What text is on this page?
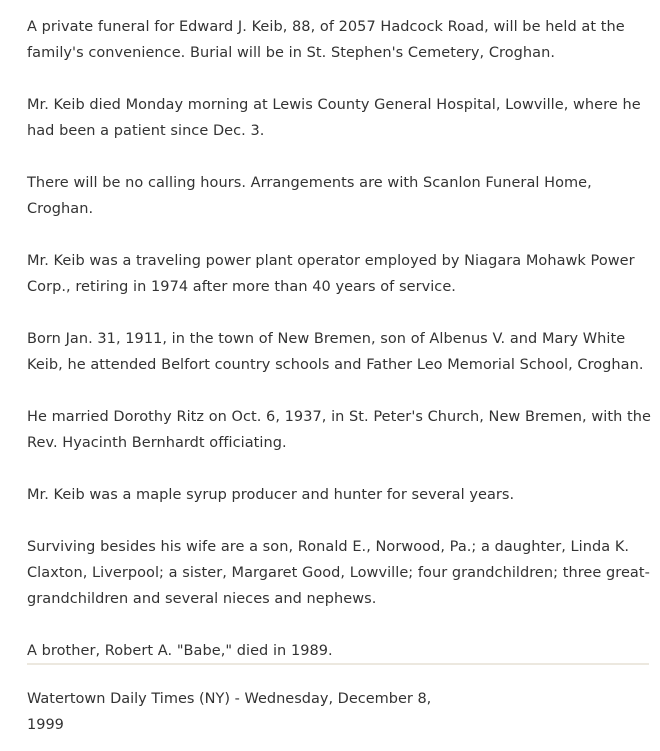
A private funeral for Edward J. Keib, 88, of 2057 Hadcock Road, will be held at the family's convenience. Burial will be in St. Stephen's Cemetery, Croghan.

Mr. Keib died Monday morning at Lewis County General Hospital, Lowville, where he had been a patient since Dec. 3.

There will be no calling hours. Arrangements are with Scanlon Funeral Home, Croghan.

Mr. Keib was a traveling power plant operator employed by Niagara Mohawk Power Corp., retiring in 1974 after more than 40 years of service.

Born Jan. 31, 1911, in the town of New Bremen, son of Albenus V. and Mary White Keib, he attended Belfort country schools and Father Leo Memorial School, Croghan.

He married Dorothy Ritz on Oct. 6, 1937, in St. Peter's Church, New Bremen, with the Rev. Hyacinth Bernhardt officiating.

Mr. Keib was a maple syrup producer and hunter for several years.

Surviving besides his wife are a son, Ronald E., Norwood, Pa.; a daughter, Linda K. Claxton, Liverpool; a sister, Margaret Good, Lowville; four grandchildren; three great-grandchildren and several nieces and nephews.

A brother, Robert A. "Babe," died in 1989.

Watertown Daily Times (NY) - Wednesday, December 8, 1999
